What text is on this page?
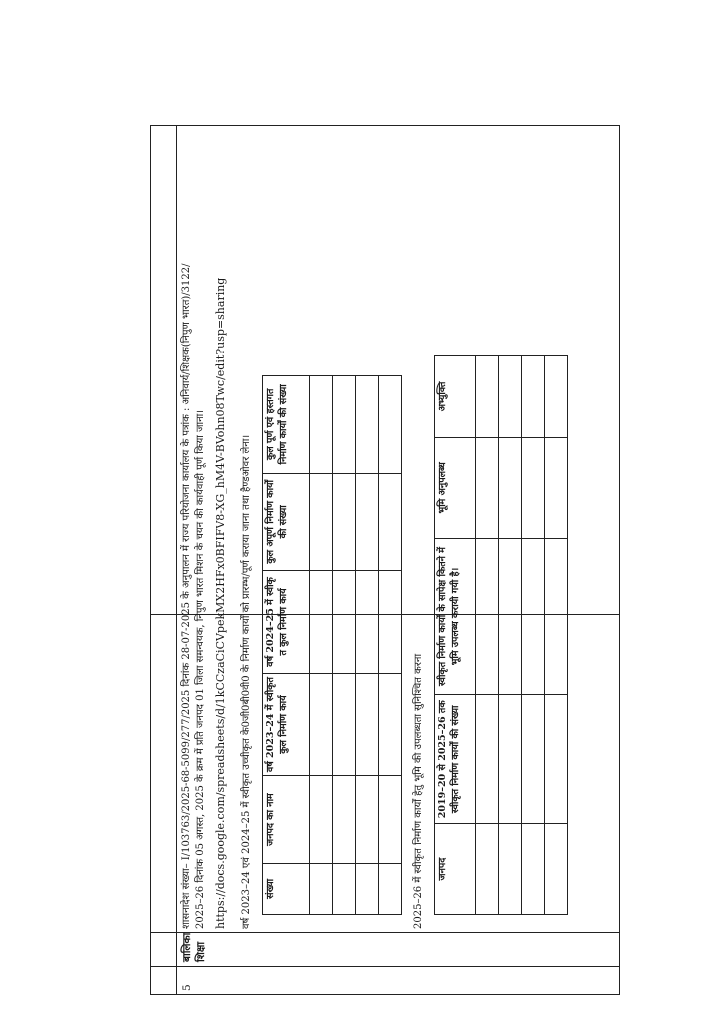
5
बालिका शिक्षा
शासनादेश संख्या– I/103763/2025-68-5099/277/2025 दिनांक 28-07-2025 के अनुपालन में राज्य परियोजना कार्यालय के पत्रांक : अनिवार्य/शिक्षक(निपुण भारत)/3122/ 2025–26 दिनांक 05 अगस्त, 2025 के क्रम में प्रति जनपद 01 जिला समन्वयक, निपुण भारत मिशन के चयन की कार्यवाही पूर्ण किया जाना। https://docs.google.com/spreadsheets/d/1kCCzaCiCVpekMX2HFx0BFIFV8-XG_hM4V-BVohn08Twc/edit?usp=sharing वर्ष 2023–24 एवं 2024–25 में स्वीकृत उच्चीकृत के0जी0बी0वी0 के निर्माण कार्यों को प्रारम्भ/पूर्ण कराया जाना तथा हैण्डओवर लेना। संख्या	जनपद का नाम	वर्ष 2023–24 में स्वीकृत कुल निर्माण कार्य	वर्ष 2024–25 में स्वीकृ त कुल निर्माण कार्य	कुल अपूर्ण निर्माण कार्यों की संख्या	कुल पूर्ण एवं हस्तगत निर्माण कार्यों की संख्या

2025–26 में स्वीकृत निर्माण कार्यों हेतु भूमि की उपलब्धता सुनिश्चित करना जनपद	2019–20 से 2025–26 तक स्वीकृत निर्माण कार्यों की संख्या	स्वीकृत निर्माण कार्यों के सापेक्ष कितने में भूमि उपलब्ध करायी गयी है।	भूमि अनुपलब्ध	अभ्युक्ति
